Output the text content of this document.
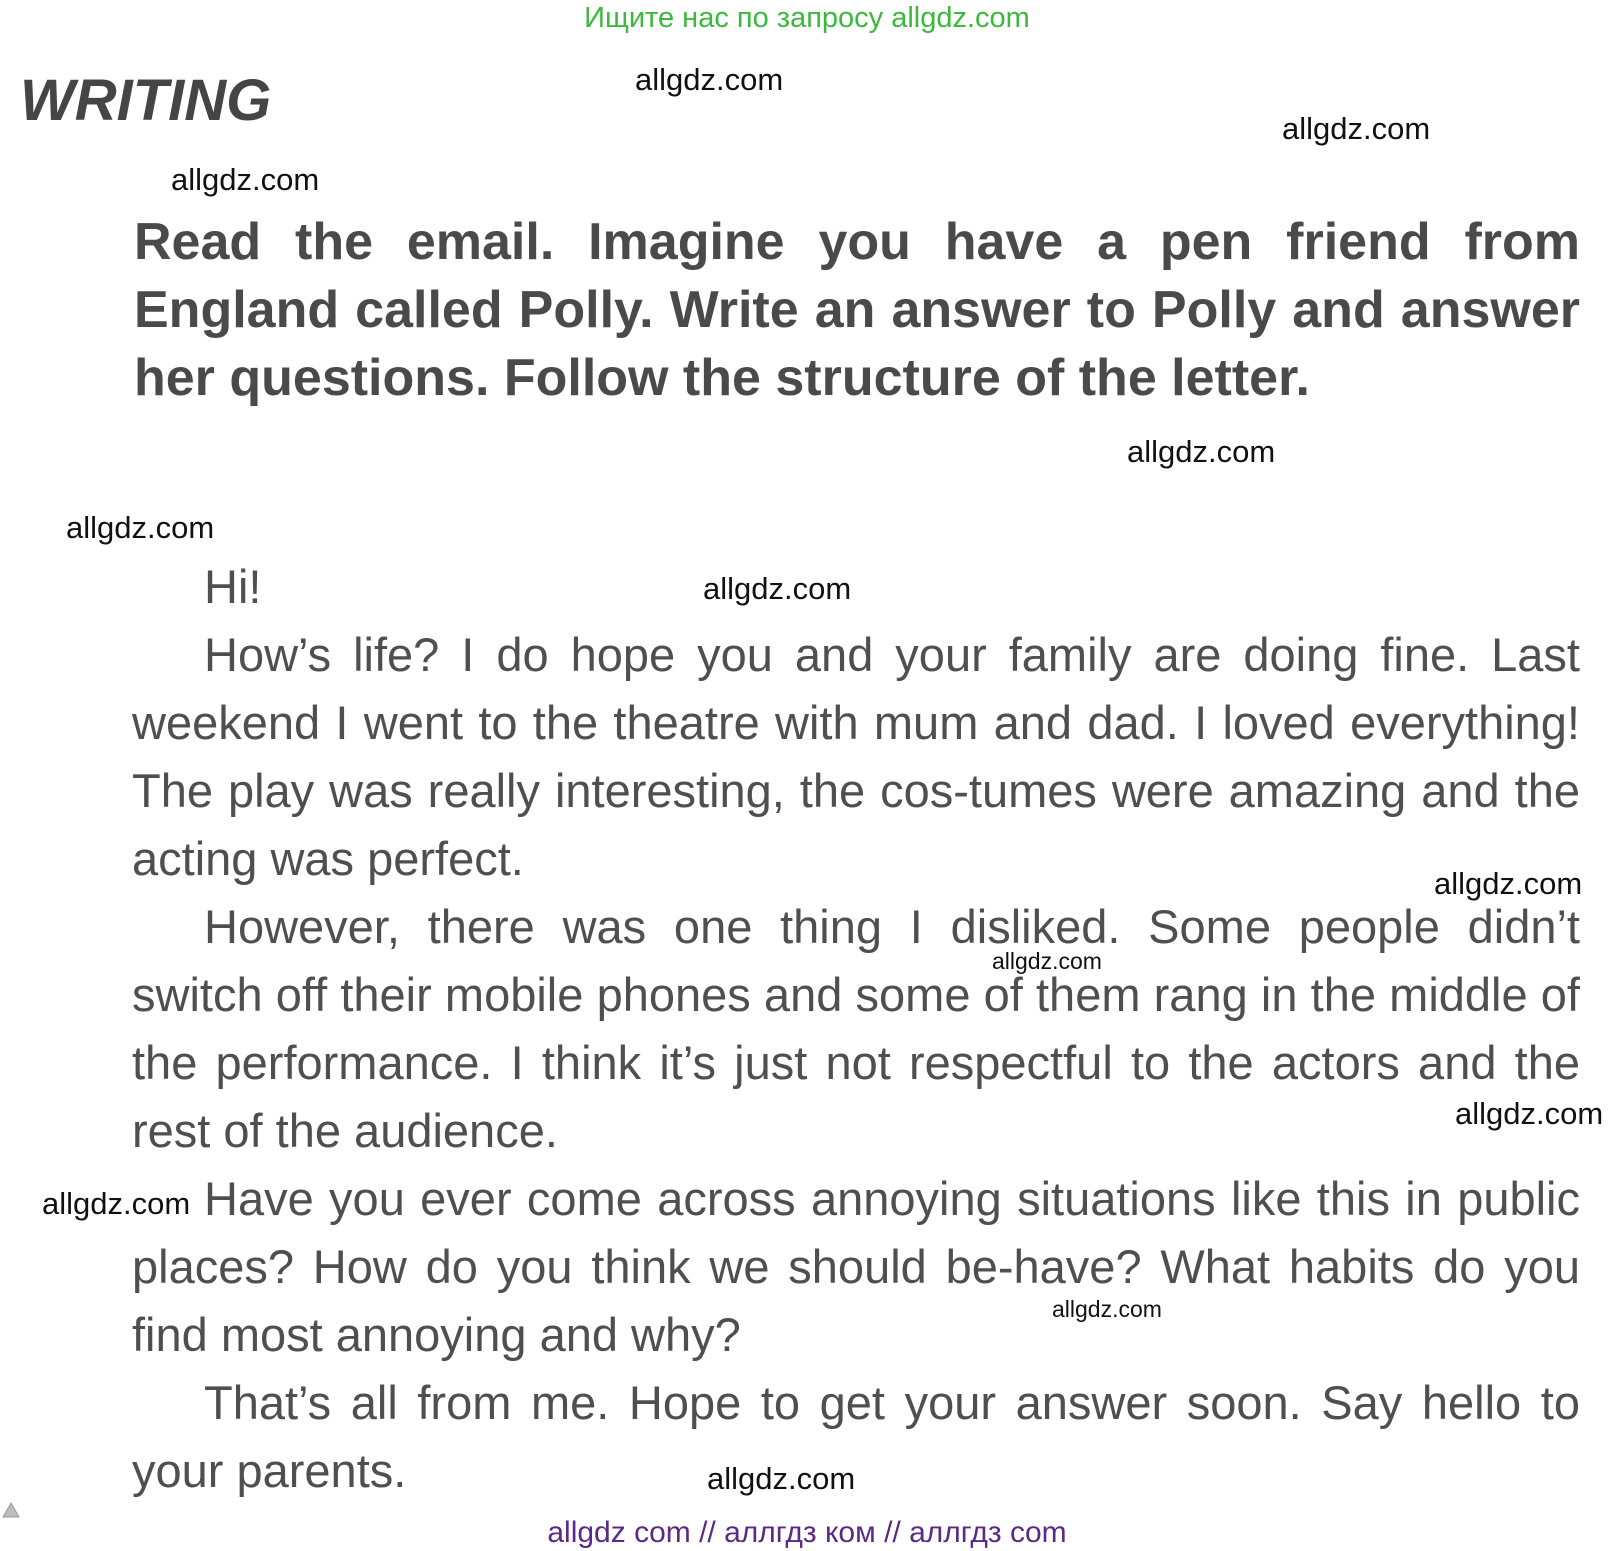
Ищите нас по запросу allgdz.com
WRITING
Read the email. Imagine you have a pen friend from England called Polly. Write an answer to Polly and answer her questions. Follow the structure of the letter.

Hi!

How’s life? I do hope you and your family are doing fine. Last weekend I went to the theatre with mum and dad. I loved everything! The play was really interesting, the cos-tumes were amazing and the acting was perfect.

However, there was one thing I disliked. Some people didn’t switch off their mobile phones and some of them rang in the middle of the performance. I think it’s just not respectful to the actors and the rest of the audience.

Have you ever come across annoying situations like this in public places? How do you think we should be-have? What habits do you find most annoying and why?

That’s all from me. Hope to get your answer soon. Say hello to your parents.

allgdz.com
allgdz.com
allgdz.com
allgdz.com
allgdz.com
allgdz.com
allgdz.com
allgdz.com
allgdz.com
allgdz.com
allgdz.com
allgdz.com
allgdz com // аллгдз ком // аллгдз com
